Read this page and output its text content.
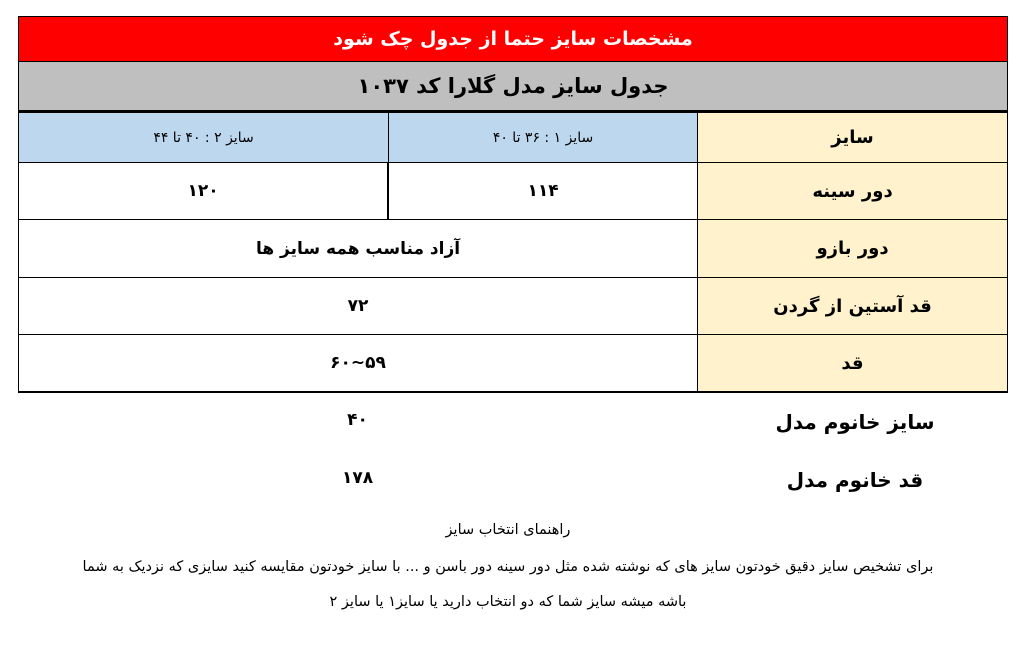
مشخصات سایز حتما از جدول چک شود
جدول سایز مدل گلارا کد ۱۰۳۷
سایز
سایز ۱ : ۳۶ تا ۴۰
سایز ۲ : ۴۰ تا ۴۴
دور سینه
۱۱۴
۱۲۰
دور بازو
آزاد مناسب همه سایز ها
قد آستین از گردن
۷۲
قد
۵۹~۶۰
سایز خانوم مدل
۴۰
قد خانوم مدل
۱۷۸
راهنمای انتخاب سایز
برای تشخیص سایز دقیق خودتون سایز های که نوشته شده مثل دور سینه دور باسن و ... با سایز خودتون مقایسه کنید سایزی که نزدیک به شما
باشه میشه سایز شما که دو انتخاب دارید یا سایز۱ یا سایز ۲
